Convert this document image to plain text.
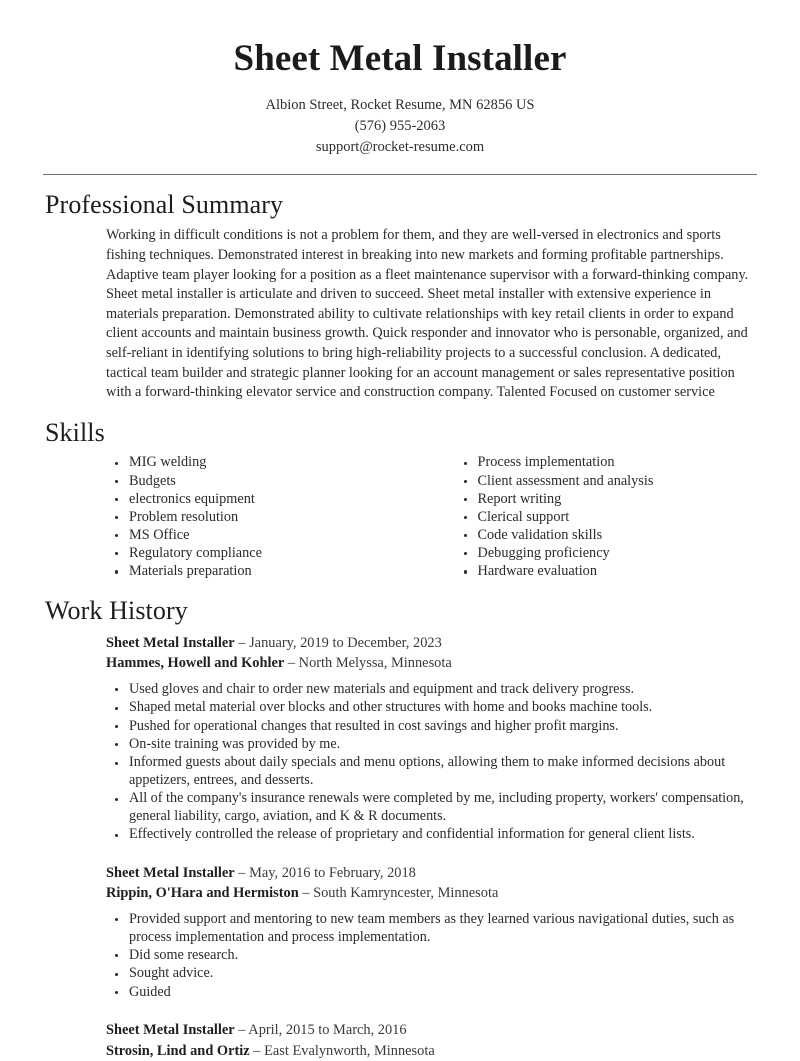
Sheet Metal Installer
Albion Street, Rocket Resume, MN 62856 US
(576) 955-2063
support@rocket-resume.com
Professional Summary

Working in difficult conditions is not a problem for them, and they are well-versed in electronics and sports fishing techniques. Demonstrated interest in breaking into new markets and forming profitable partnerships. Adaptive team player looking for a position as a fleet maintenance supervisor with a forward-thinking company. Sheet metal installer is articulate and driven to succeed. Sheet metal installer with extensive experience in materials preparation. Demonstrated ability to cultivate relationships with key retail clients in order to expand client accounts and maintain business growth. Quick responder and innovator who is personable, organized, and self-reliant in identifying solutions to bring high-reliability projects to a successful conclusion. A dedicated, tactical team builder and strategic planner looking for an account management or sales representative position with a forward-thinking elevator service and construction company. Talented Focused on customer service

Skills
MIG welding
Budgets
electronics equipment
Problem resolution
MS Office
Regulatory compliance
Materials preparation
Process implementation
Client assessment and analysis
Report writing
Clerical support
Code validation skills
Debugging proficiency
Hardware evaluation
Work History
Sheet Metal Installer – January, 2019 to December, 2023
Hammes, Howell and Kohler – North Melyssa, Minnesota
Used gloves and chair to order new materials and equipment and track delivery progress.
Shaped metal material over blocks and other structures with home and books machine tools.
Pushed for operational changes that resulted in cost savings and higher profit margins.
On-site training was provided by me.
Informed guests about daily specials and menu options, allowing them to make informed decisions about appetizers, entrees, and desserts.
All of the company's insurance renewals were completed by me, including property, workers' compensation, general liability, cargo, aviation, and K & R documents.
Effectively controlled the release of proprietary and confidential information for general client lists.
Sheet Metal Installer – May, 2016 to February, 2018
Rippin, O'Hara and Hermiston – South Kamryncester, Minnesota
Provided support and mentoring to new team members as they learned various navigational duties, such as process implementation and process implementation.
Did some research.
Sought advice.
Guided
Sheet Metal Installer – April, 2015 to March, 2016
Strosin, Lind and Ortiz – East Evalynworth, Minnesota
